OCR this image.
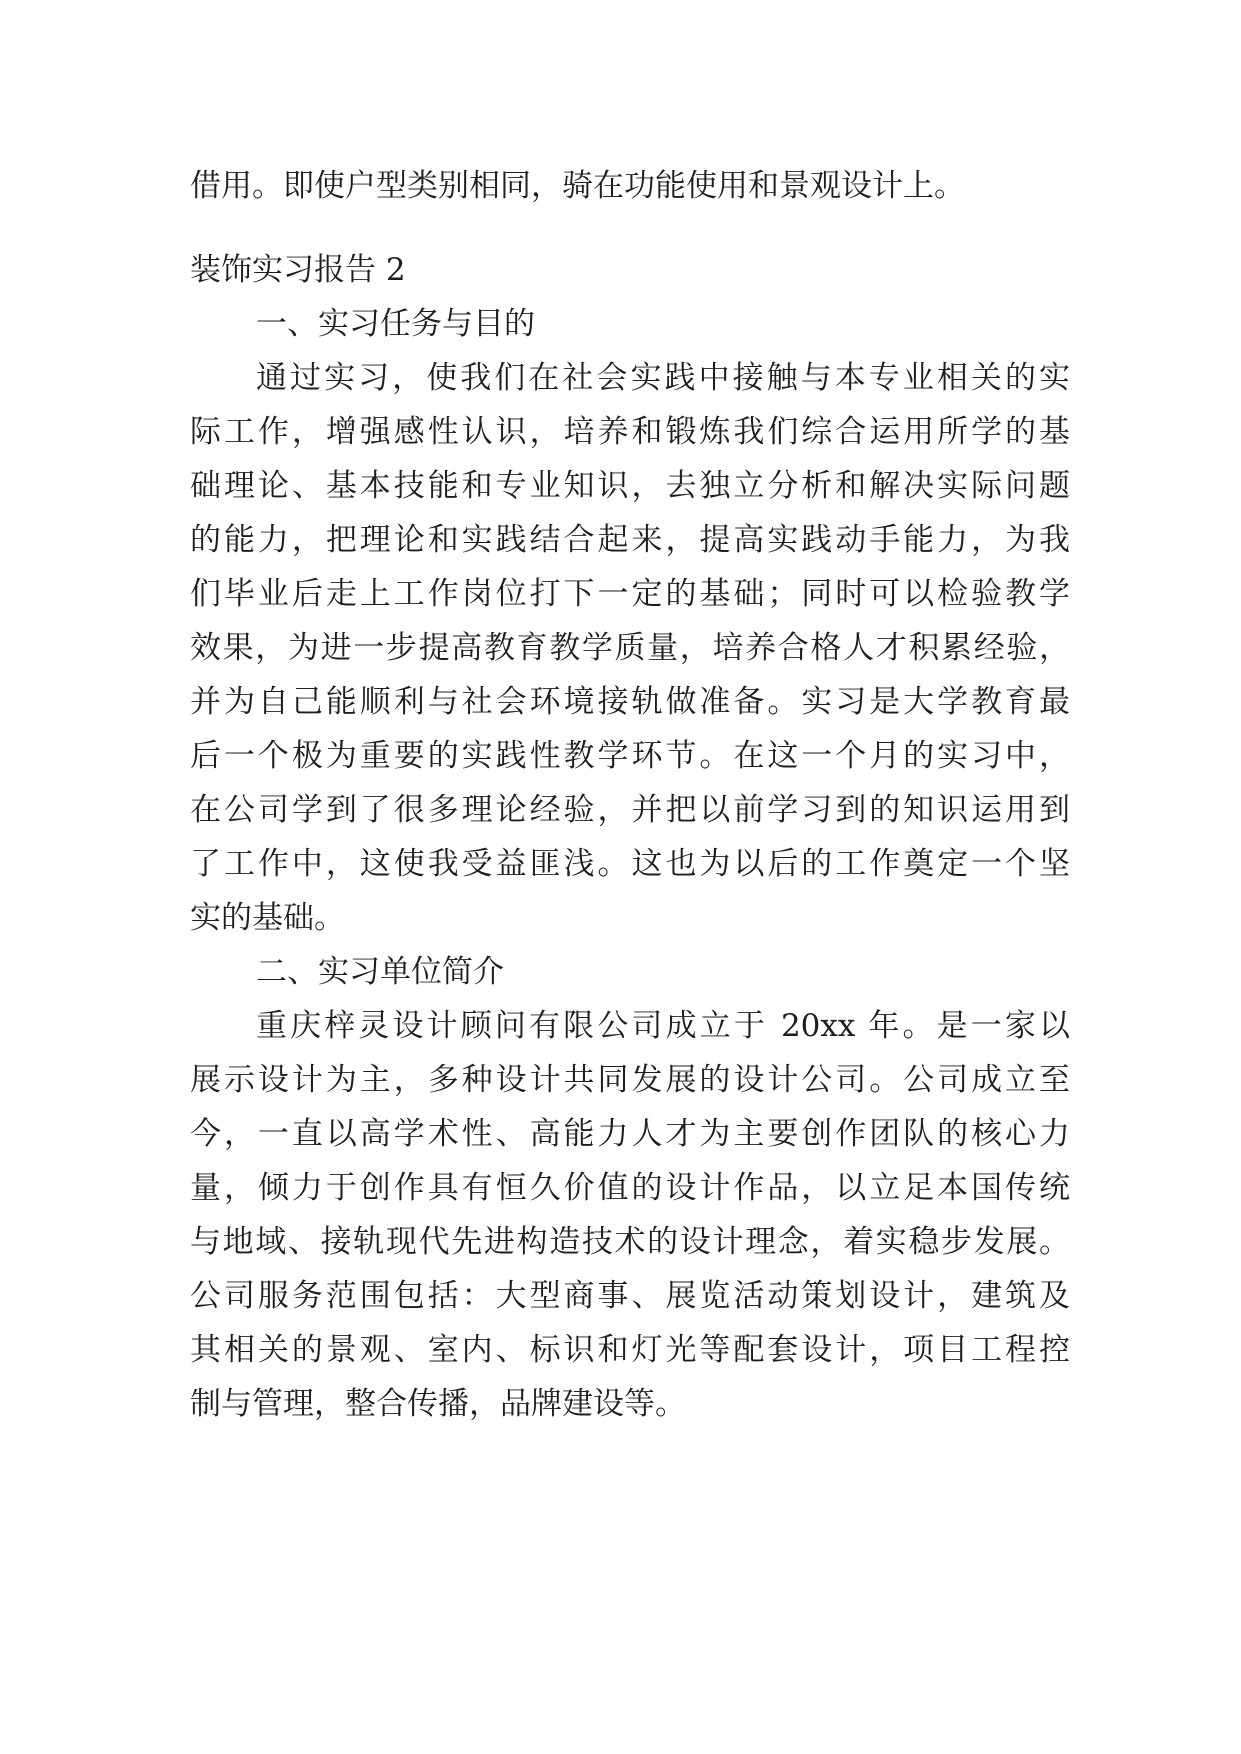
借用。即使户型类别相同，骑在功能使用和景观设计上。
装饰实习报告 2
一、实习任务与目的
通过实习，使我们在社会实践中接触与本专业相关的实
际工作，增强感性认识，培养和锻炼我们综合运用所学的基
础理论、基本技能和专业知识，去独立分析和解决实际问题
的能力，把理论和实践结合起来，提高实践动手能力，为我
们毕业后走上工作岗位打下一定的基础；同时可以检验教学
效果，为进一步提高教育教学质量，培养合格人才积累经验，
并为自己能顺利与社会环境接轨做准备。实习是大学教育最
后一个极为重要的实践性教学环节。在这一个月的实习中，
在公司学到了很多理论经验，并把以前学习到的知识运用到
了工作中，这使我受益匪浅。这也为以后的工作奠定一个坚
实的基础。
二、实习单位简介
重庆梓灵设计顾问有限公司成立于 20xx 年。是一家以
展示设计为主，多种设计共同发展的设计公司。公司成立至
今，一直以高学术性、高能力人才为主要创作团队的核心力
量，倾力于创作具有恒久价值的设计作品，以立足本国传统
与地域、接轨现代先进构造技术的设计理念，着实稳步发展。
公司服务范围包括：大型商事、展览活动策划设计，建筑及
其相关的景观、室内、标识和灯光等配套设计，项目工程控
制与管理，整合传播，品牌建设等。
